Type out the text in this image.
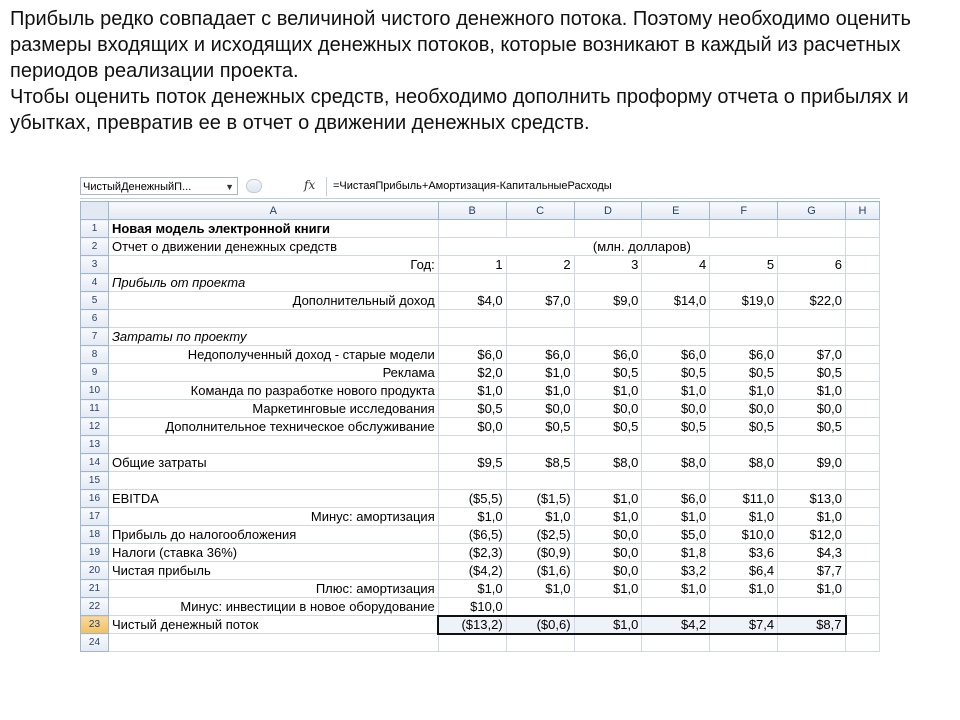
Прибыль редко совпадает с величиной чистого денежного потока. Поэтому необходимо оценить размеры входящих и исходящих денежных потоков, которые возникают в каждый из расчетных периодов реализации проекта.

Чтобы оценить поток денежных средств, необходимо дополнить проформу отчета о прибылях и убытках, превратив ее в отчет о движении денежных средств.

ЧистыйДенежныйП...	▼	fx	=ЧистаяПрибыль+Амортизация-КапитальныеРасходы
	A	B	C	D	E	F	G	H
1	Новая модель электронной книги							
2	Отчет о движении денежных средств	(млн. долларов)						
3	Год:	1	2	3	4	5	6	
4	Прибыль от проекта							
5	Дополнительный доход	$4,0	$7,0	$9,0	$14,0	$19,0	$22,0	
6								
7	Затраты по проекту							
8	Недополученный доход - старые модели	$6,0	$6,0	$6,0	$6,0	$6,0	$7,0	
9	Реклама	$2,0	$1,0	$0,5	$0,5	$0,5	$0,5	
10	Команда по разработке нового продукта	$1,0	$1,0	$1,0	$1,0	$1,0	$1,0	
11	Маркетинговые исследования	$0,5	$0,0	$0,0	$0,0	$0,0	$0,0	
12	Дополнительное техническое обслуживание	$0,0	$0,5	$0,5	$0,5	$0,5	$0,5	
13								
14	Общие затраты	$9,5	$8,5	$8,0	$8,0	$8,0	$9,0	
15								
16	EBITDA	($5,5)	($1,5)	$1,0	$6,0	$11,0	$13,0	
17	Минус: амортизация	$1,0	$1,0	$1,0	$1,0	$1,0	$1,0	
18	Прибыль до налогообложения	($6,5)	($2,5)	$0,0	$5,0	$10,0	$12,0	
19	Налоги (ставка 36%)	($2,3)	($0,9)	$0,0	$1,8	$3,6	$4,3	
20	Чистая прибыль	($4,2)	($1,6)	$0,0	$3,2	$6,4	$7,7	
21	Плюс: амортизация	$1,0	$1,0	$1,0	$1,0	$1,0	$1,0	
22	Минус: инвестиции в новое оборудование	$10,0						
23	Чистый денежный поток	($13,2)	($0,6)	$1,0	$4,2	$7,4	$8,7	
24								
